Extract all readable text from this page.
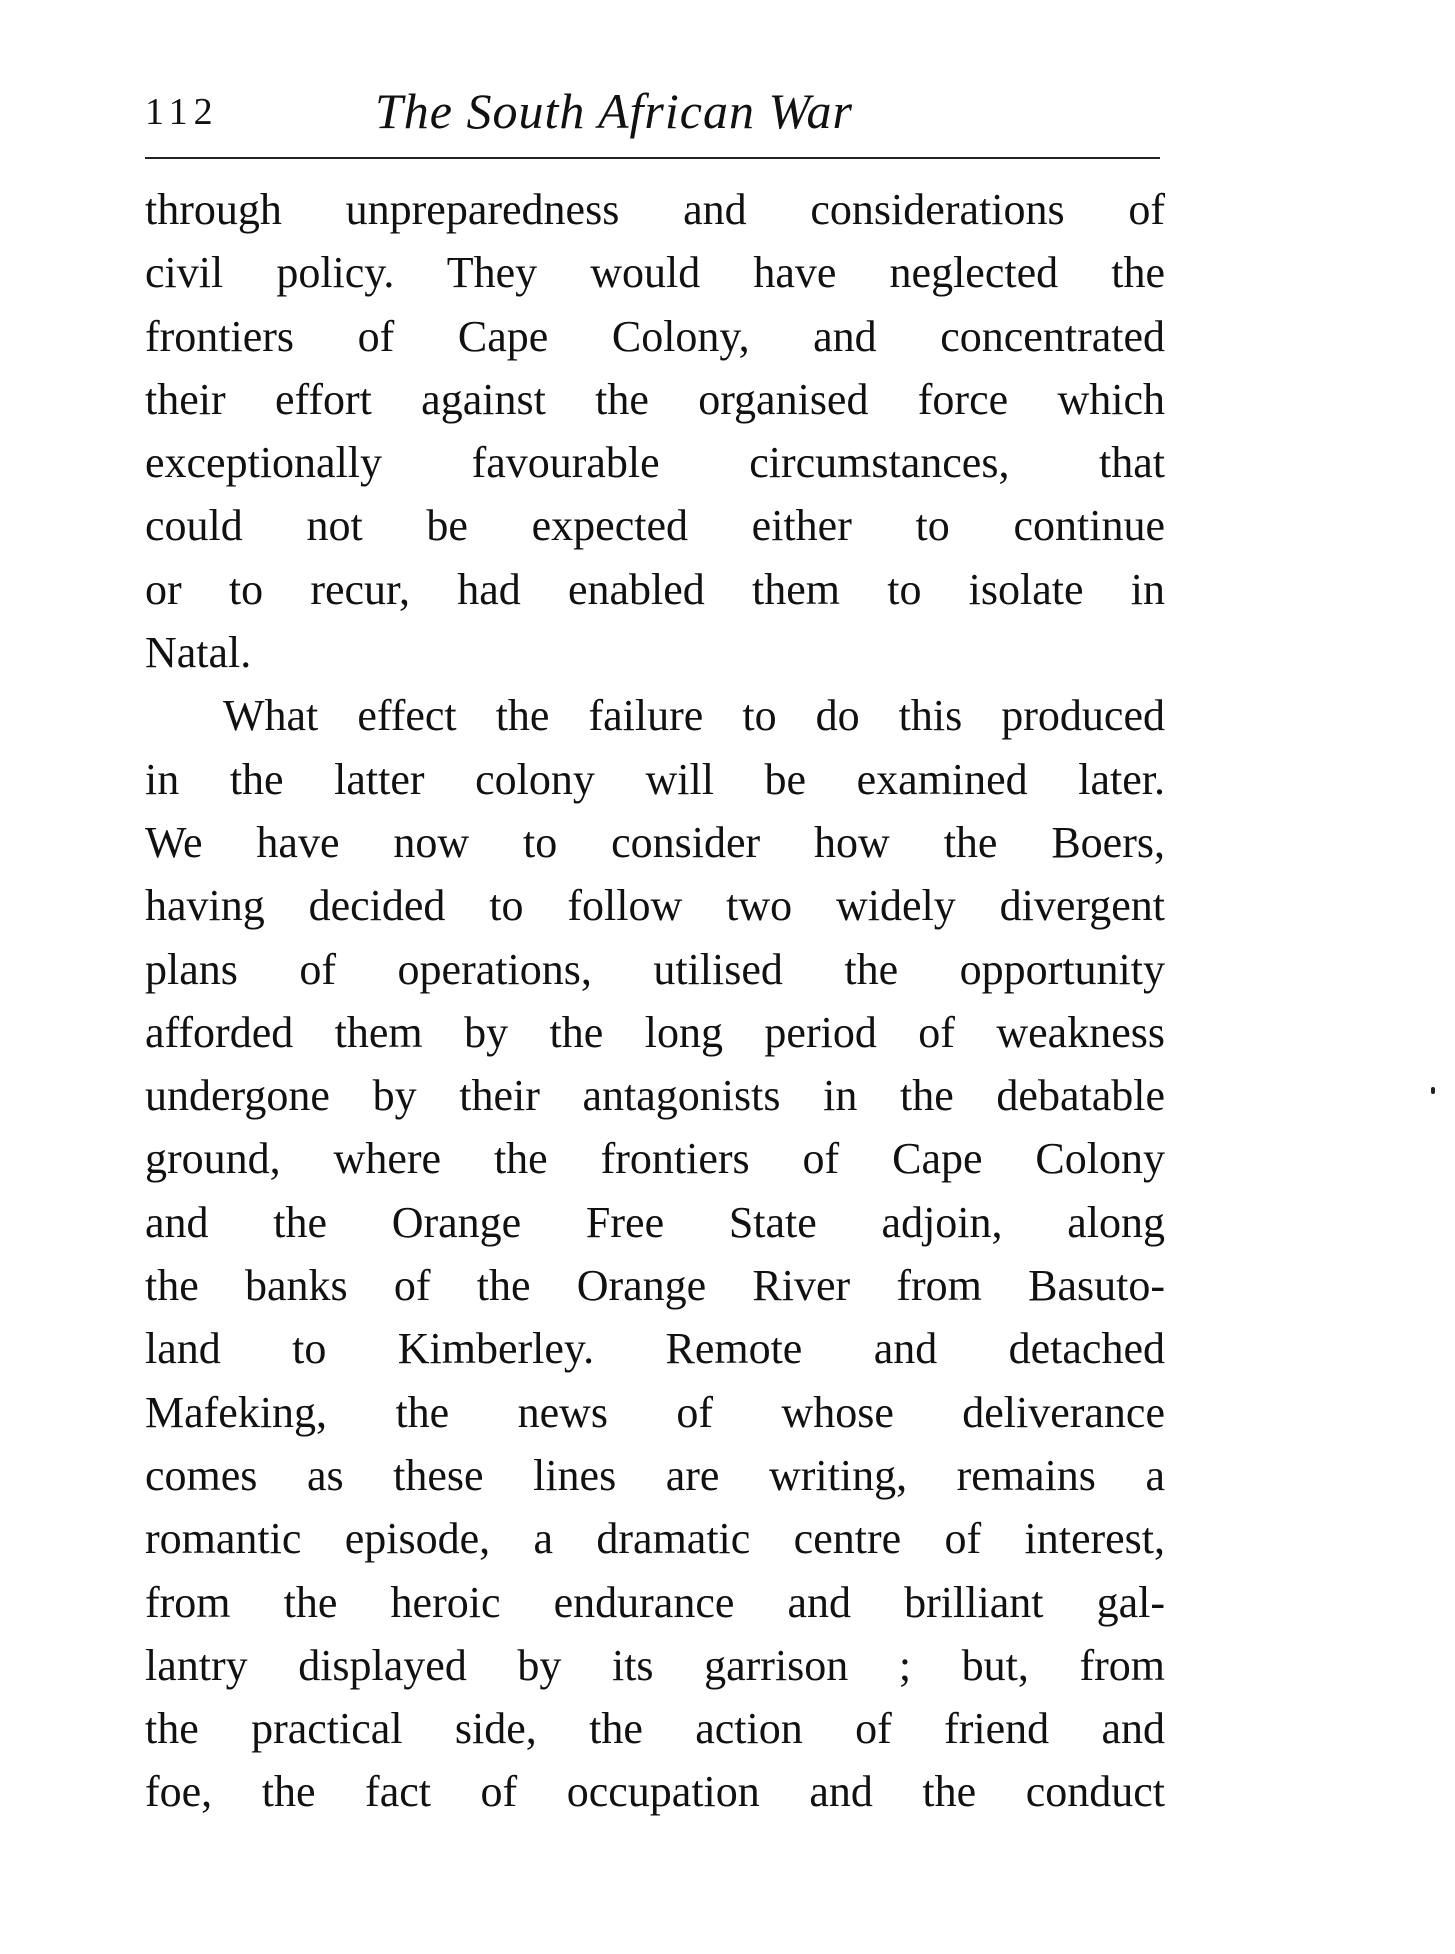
112	The South African War
through unpreparedness and considerations of
civil policy. They would have neglected the
frontiers of Cape Colony, and concentrated
their effort against the organised force which
exceptionally favourable circumstances, that
could not be expected either to continue
or to recur, had enabled them to isolate in
Natal.
What effect the failure to do this produced
in the latter colony will be examined later.
We have now to consider how the Boers,
having decided to follow two widely divergent
plans of operations, utilised the opportunity
afforded them by the long period of weakness
undergone by their antagonists in the debatable
ground, where the frontiers of Cape Colony
and the Orange Free State adjoin, along
the banks of the Orange River from Basuto-
land to Kimberley. Remote and detached
Mafeking, the news of whose deliverance
comes as these lines are writing, remains a
romantic episode, a dramatic centre of interest,
from the heroic endurance and brilliant gal-
lantry displayed by its garrison ; but, from
the practical side, the action of friend and
foe, the fact of occupation and the conduct
